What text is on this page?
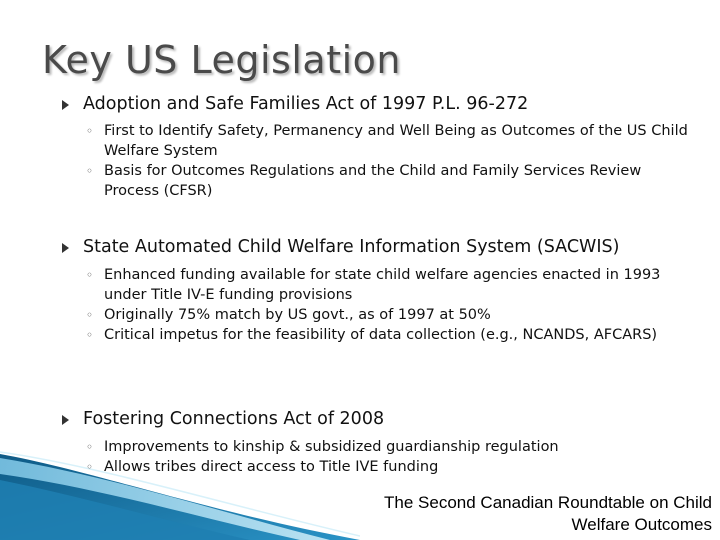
Key US Legislation
Adoption and Safe Families Act of 1997 P.L. 96-272
◦ First to Identify Safety, Permanency and Well Being as Outcomes of the US Child Welfare System
◦ Basis for Outcomes Regulations and the Child and Family Services Review Process (CFSR)
State Automated Child Welfare Information System (SACWIS)
◦ Enhanced funding available for state child welfare agencies enacted in 1993 under Title IV-E funding provisions
◦ Originally 75% match by US govt., as of 1997 at 50%
◦ Critical impetus for the feasibility of data collection (e.g., NCANDS, AFCARS)
Fostering Connections Act of 2008
◦ Improvements to kinship & subsidized guardianship regulation
◦ Allows tribes direct access to Title IVE funding
The Second Canadian Roundtable on Child
Welfare Outcomes
